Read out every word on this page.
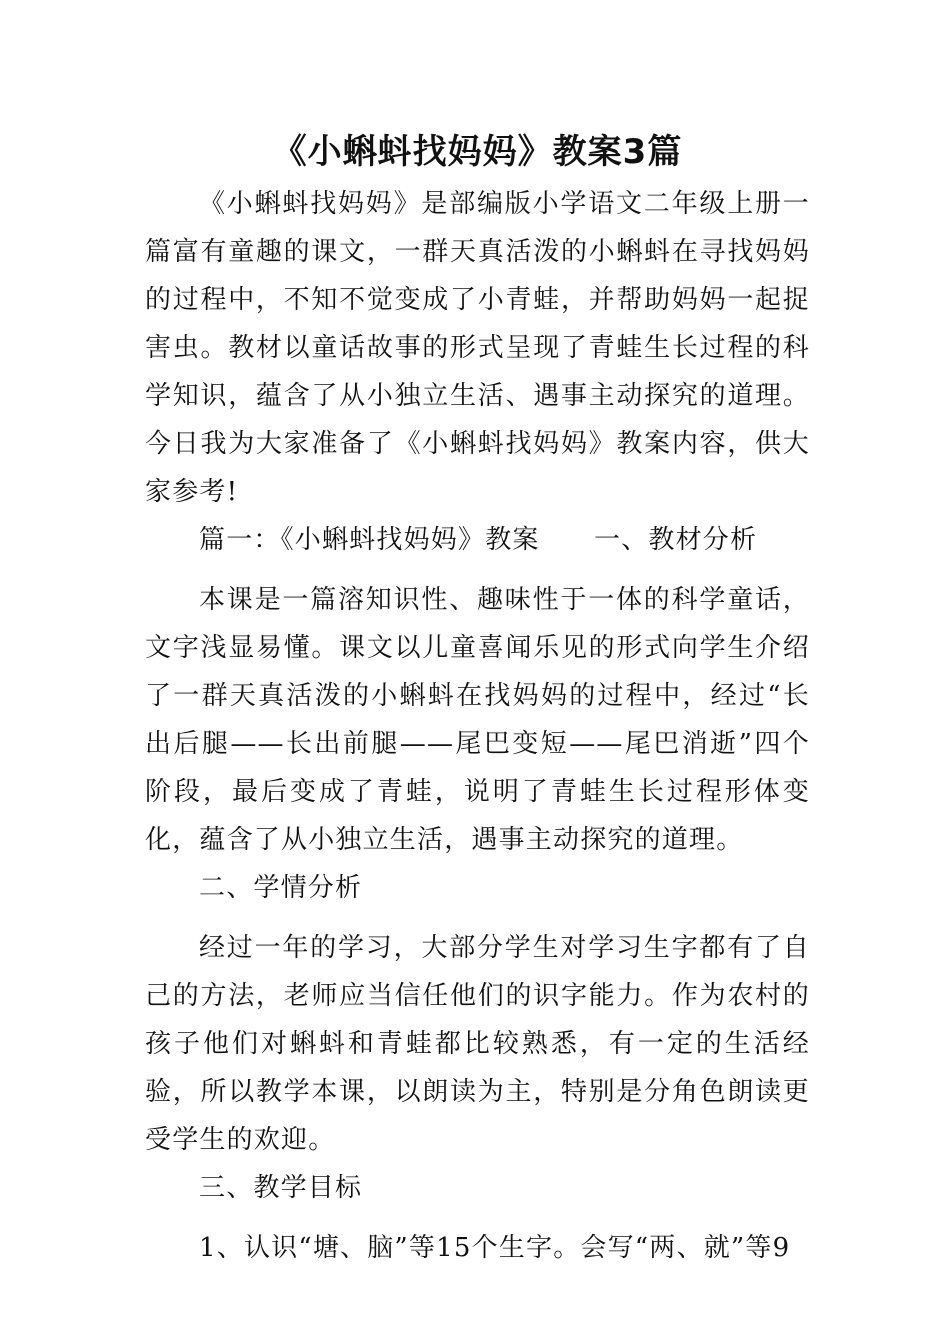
《小蝌蚪找妈妈》教案3篇

《小蝌蚪找妈妈》是部编版小学语文二年级上册一篇富有童趣的课文，一群天真活泼的小蝌蚪在寻找妈妈的过程中，不知不觉变成了小青蛙，并帮助妈妈一起捉害虫。教材以童话故事的形式呈现了青蛙生长过程的科学知识，蕴含了从小独立生活、遇事主动探究的道理。今日我为大家准备了《小蝌蚪找妈妈》教案内容，供大家参考!

篇一：《小蝌蚪找妈妈》教案　　一、教材分析

本课是一篇溶知识性、趣味性于一体的科学童话，文字浅显易懂。课文以儿童喜闻乐见的形式向学生介绍了一群天真活泼的小蝌蚪在找妈妈的过程中，经过“长出后腿——长出前腿——尾巴变短——尾巴消逝”四个阶段，最后变成了青蛙，说明了青蛙生长过程形体变化，蕴含了从小独立生活，遇事主动探究的道理。

二、学情分析

经过一年的学习，大部分学生对学习生字都有了自己的方法，老师应当信任他们的识字能力。作为农村的孩子他们对蝌蚪和青蛙都比较熟悉，有一定的生活经验，所以教学本课，以朗读为主，特别是分角色朗读更受学生的欢迎。

三、教学目标

1、认识“塘、脑”等15个生字。会写“两、就”等9
